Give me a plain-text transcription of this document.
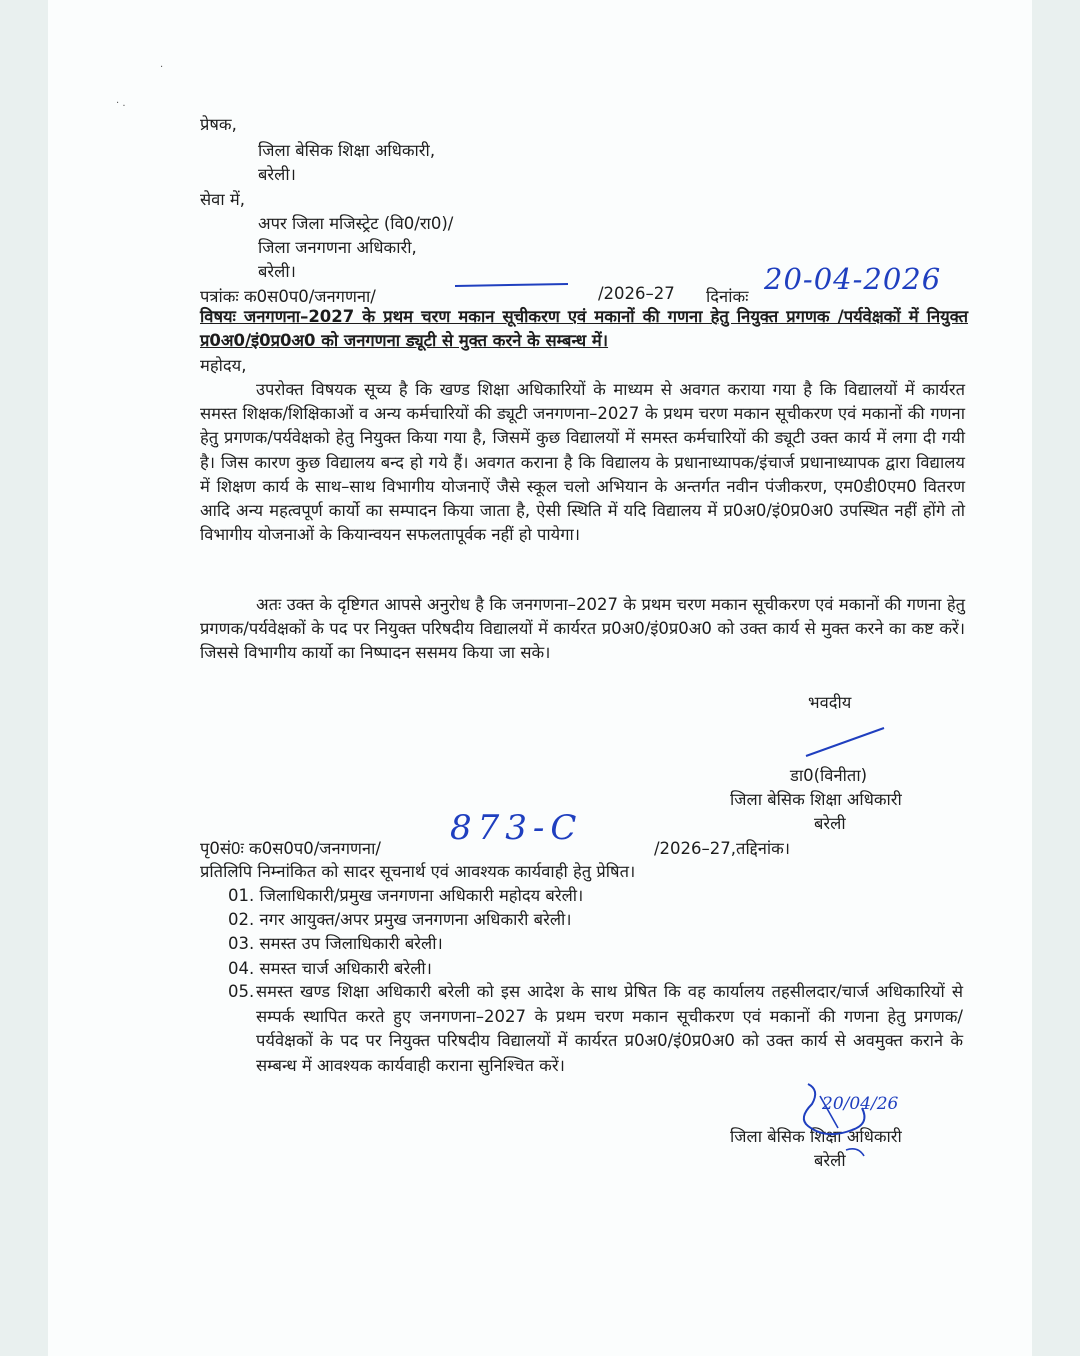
·
· .
प्रेषक,
जिला बेसिक शिक्षा अधिकारी,
बरेली।
सेवा में,
अपर जिला मजिस्ट्रेट (वि0/रा0)/
जिला जनगणना अधिकारी,
बरेली।
पत्रांकः क0स0प0/जनगणना/	/2026–27 दिनांकः
20-04-2026

विषयः जनगणना–2027 के प्रथम चरण मकान सूचीकरण एवं मकानों की गणना हेतु नियुक्त प्रगणक /पर्यवेक्षकों में नियुक्त प्र0अ0/इं0प्र0अ0 को जनगणना ड्यूटी से मुक्त करने के सम्बन्ध में।

महोदय,

उपरोक्त विषयक सूच्य है कि खण्ड शिक्षा अधिकारियों के माध्यम से अवगत कराया गया है कि विद्यालयों में कार्यरत समस्त शिक्षक/शिक्षिकाओं व अन्य कर्मचारियों की ड्यूटी जनगणना–2027 के प्रथम चरण मकान सूचीकरण एवं मकानों की गणना हेतु प्रगणक/पर्यवेक्षको हेतु नियुक्त किया गया है, जिसमें कुछ विद्यालयों में समस्त कर्मचारियों की ड्यूटी उक्त कार्य में लगा दी गयी है। जिस कारण कुछ विद्यालय बन्द हो गये हैं। अवगत कराना है कि विद्यालय के प्रधानाध्यापक/इंचार्ज प्रधानाध्यापक द्वारा विद्यालय में शिक्षण कार्य के साथ–साथ विभागीय योजनाऐं जैसे स्कूल चलो अभियान के अन्तर्गत नवीन पंजीकरण, एम0डी0एम0 वितरण आदि अन्य महत्वपूर्ण कार्यो का सम्पादन किया जाता है, ऐसी स्थिति में यदि विद्यालय में प्र0अ0/इं0प्र0अ0 उपस्थित नहीं होंगे तो विभागीय योजनाओं के कियान्वयन सफलतापूर्वक नहीं हो पायेगा।

अतः उक्त के दृष्टिगत आपसे अनुरोध है कि जनगणना–2027 के प्रथम चरण मकान सूचीकरण एवं मकानों की गणना हेतु प्रगणक/पर्यवेक्षकों के पद पर नियुक्त परिषदीय विद्यालयों में कार्यरत प्र0अ0/इं0प्र0अ0 को उक्त कार्य से मुक्त करने का कष्ट करें। जिससे विभागीय कार्यो का निष्पादन ससमय किया जा सके।

भवदीय
डा0(विनीता)
जिला बेसिक शिक्षा अधिकारी
बरेली
पृ0सं0ः क0स0प0/जनगणना/
873-C
/2026–27,तद्दिनांक।
प्रतिलिपि निम्नांकित को सादर सूचनार्थ एवं आवश्यक कार्यवाही हेतु प्रेषित।
01. जिलाधिकारी/प्रमुख जनगणना अधिकारी महोदय बरेली।
02. नगर आयुक्त/अपर प्रमुख जनगणना अधिकारी बरेली।
03. समस्त उप जिलाधिकारी बरेली।
04. समस्त चार्ज अधिकारी बरेली।
05. समस्त खण्ड शिक्षा अधिकारी बरेली को इस आदेश के साथ प्रेषित कि वह कार्यालय तहसीलदार/चार्ज अधिकारियों से सम्पर्क स्थापित करते हुए जनगणना–2027 के प्रथम चरण मकान सूचीकरण एवं मकानों की गणना हेतु प्रगणक/पर्यवेक्षकों के पद पर नियुक्त परिषदीय विद्यालयों में कार्यरत प्र0अ0/इं0प्र0अ0 को उक्त कार्य से अवमुक्त कराने के सम्बन्ध में आवश्यक कार्यवाही कराना सुनिश्चित करें।

20/04/26
जिला बेसिक शिक्षा अधिकारी
बरेली
